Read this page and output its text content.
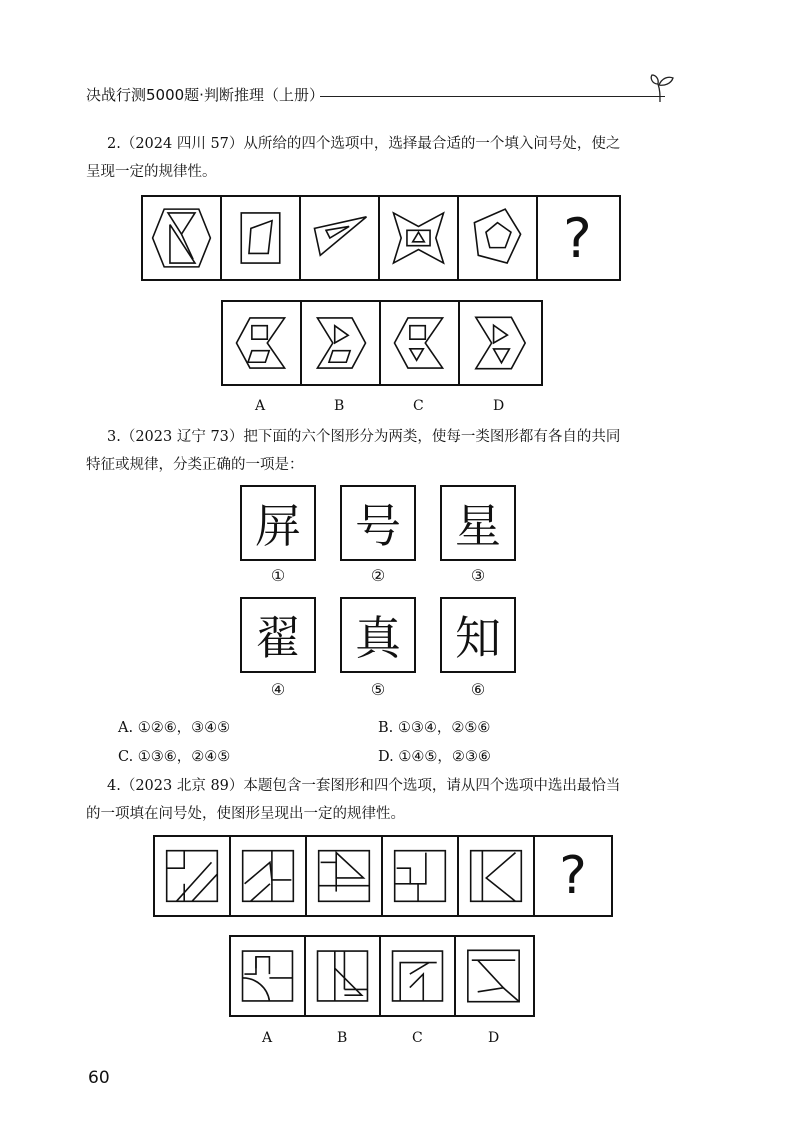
决战行测5000题·判断推理（上册）
2.（2024 四川 57）从所给的四个选项中，选择最合适的一个填入问号处，使之
呈现一定的规律性。
?
A	B	C	D
3.（2023 辽宁 73）把下面的六个图形分为两类，使每一类图形都有各自的共同
特征或规律，分类正确的一项是：
屏	号	星
①	②	③
翟	真	知
④	⑤	⑥
A. ①②⑥，③④⑤	B. ①③④，②⑤⑥
C. ①③⑥，②④⑤	D. ①④⑤，②③⑥
4.（2023 北京 89）本题包含一套图形和四个选项，请从四个选项中选出最恰当
的一项填在问号处，使图形呈现出一定的规律性。
?
A	B	C	D
60
